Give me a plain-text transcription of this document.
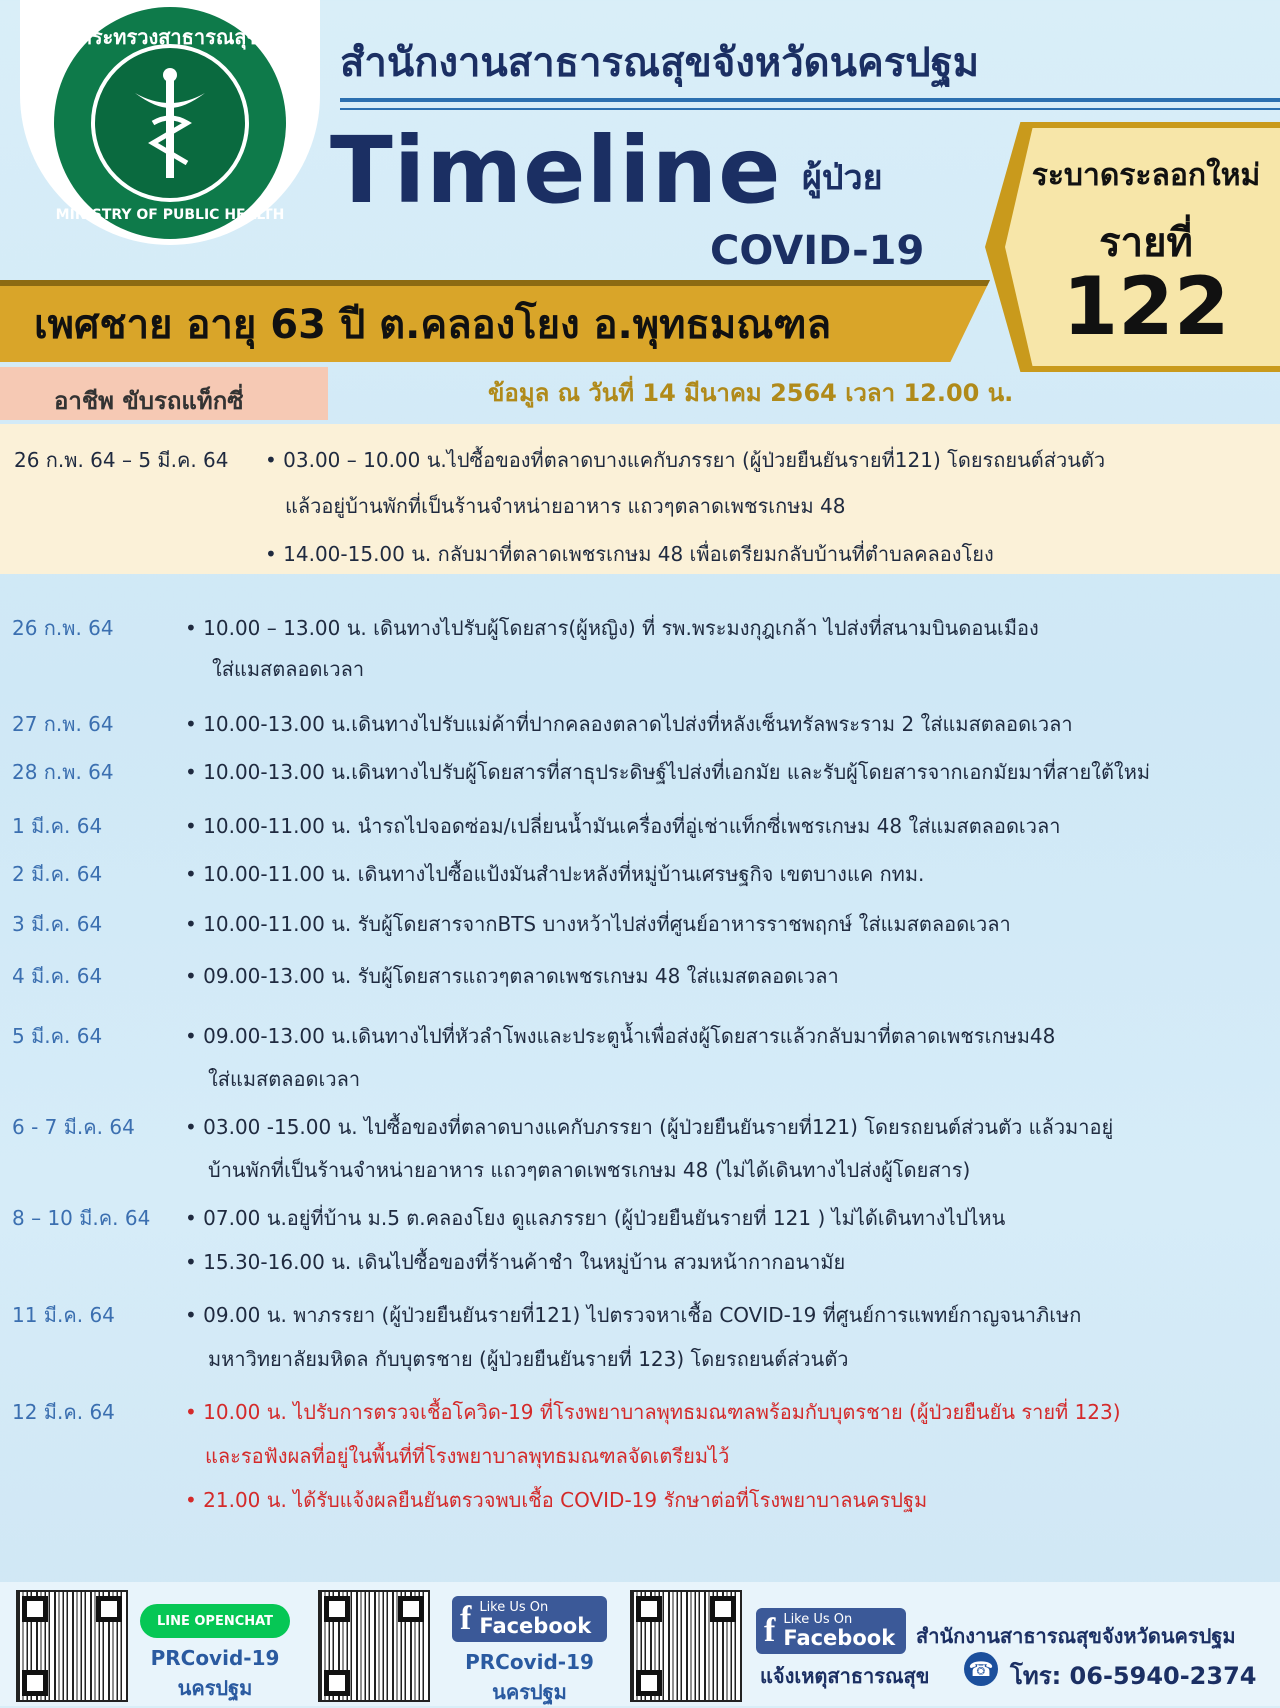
กระทรวงสาธารณสุข
MINISTRY OF PUBLIC HEALTH
สำนักงานสาธารณสุขจังหวัดนครปฐม
Timeline ผู้ป่วย
COVID-19
ระบาดระลอกใหม่
รายที่
122
เพศชาย อายุ 63 ปี ต.คลองโยง อ.พุทธมณฑล
อาชีพ ขับรถแท็กซี่	ข้อมูล ณ วันที่ 14 มีนาคม 2564 เวลา 12.00 น.
26 ก.พ. 64 – 5 มี.ค. 64 • 03.00 – 10.00 น.ไปซื้อของที่ตลาดบางแคกับภรรยา (ผู้ป่วยยืนยันรายที่121) โดยรถยนต์ส่วนตัว
แล้วอยู่บ้านพักที่เป็นร้านจำหน่ายอาหาร แถวๆตลาดเพชรเกษม 48
• 14.00-15.00 น. กลับมาที่ตลาดเพชรเกษม 48 เพื่อเตรียมกลับบ้านที่ตำบลคลองโยง
26 ก.พ. 64	• 10.00 – 13.00 น. เดินทางไปรับผู้โดยสาร(ผู้หญิง) ที่ รพ.พระมงกุฎเกล้า ไปส่งที่สนามบินดอนเมือง
ใส่แมสตลอดเวลา
27 ก.พ. 64	• 10.00-13.00 น.เดินทางไปรับแม่ค้าที่ปากคลองตลาดไปส่งที่หลังเซ็นทรัลพระราม 2 ใส่แมสตลอดเวลา
28 ก.พ. 64	• 10.00-13.00 น.เดินทางไปรับผู้โดยสารที่สาธุประดิษฐ์ไปส่งที่เอกมัย และรับผู้โดยสารจากเอกมัยมาที่สายใต้ใหม่
1 มี.ค. 64	• 10.00-11.00 น. นำรถไปจอดซ่อม/เปลี่ยนน้ำมันเครื่องที่อู่เช่าแท็กซี่เพชรเกษม 48 ใส่แมสตลอดเวลา
2 มี.ค. 64	• 10.00-11.00 น. เดินทางไปซื้อแป้งมันสำปะหลังที่หมู่บ้านเศรษฐกิจ เขตบางแค กทม.
3 มี.ค. 64	• 10.00-11.00 น. รับผู้โดยสารจากBTS บางหว้าไปส่งที่ศูนย์อาหารราชพฤกษ์ ใส่แมสตลอดเวลา
4 มี.ค. 64	• 09.00-13.00 น. รับผู้โดยสารแถวๆตลาดเพชรเกษม 48 ใส่แมสตลอดเวลา
5 มี.ค. 64	• 09.00-13.00 น.เดินทางไปที่หัวลำโพงและประตูน้ำเพื่อส่งผู้โดยสารแล้วกลับมาที่ตลาดเพชรเกษม48
ใส่แมสตลอดเวลา
6 - 7 มี.ค. 64	• 03.00 -15.00 น. ไปซื้อของที่ตลาดบางแคกับภรรยา (ผู้ป่วยยืนยันรายที่121) โดยรถยนต์ส่วนตัว แล้วมาอยู่
บ้านพักที่เป็นร้านจำหน่ายอาหาร แถวๆตลาดเพชรเกษม 48 (ไม่ได้เดินทางไปส่งผู้โดยสาร)
8 – 10 มี.ค. 64 • 07.00 น.อยู่ที่บ้าน ม.5 ต.คลองโยง ดูแลภรรยา (ผู้ป่วยยืนยันรายที่ 121 ) ไม่ได้เดินทางไปไหน
• 15.30-16.00 น. เดินไปซื้อของที่ร้านค้าชำ ในหมู่บ้าน สวมหน้ากากอนามัย
11 มี.ค. 64	• 09.00 น. พาภรรยา (ผู้ป่วยยืนยันรายที่121) ไปตรวจหาเชื้อ COVID-19 ที่ศูนย์การแพทย์กาญจนาภิเษก
มหาวิทยาลัยมหิดล กับบุตรชาย (ผู้ป่วยยืนยันรายที่ 123) โดยรถยนต์ส่วนตัว
12 มี.ค. 64	• 10.00 น. ไปรับการตรวจเชื้อโควิด-19 ที่โรงพยาบาลพุทธมณฑลพร้อมกับบุตรชาย (ผู้ป่วยยืนยัน รายที่ 123)
และรอฟังผลที่อยู่ในพื้นที่ที่โรงพยาบาลพุทธมณฑลจัดเตรียมไว้
• 21.00 น. ได้รับแจ้งผลยืนยันตรวจพบเชื้อ COVID-19 รักษาต่อที่โรงพยาบาลนครปฐม
LINE OPENCHAT
PRCovid-19
นครปฐม
f Like Us On
Facebook
PRCovid-19
นครปฐม
f Like Us On
Facebook สำนักงานสาธารณสุขจังหวัดนครปฐม
แจ้งเหตุสาธารณสุข ☎ โทร: 06-5940-2374
